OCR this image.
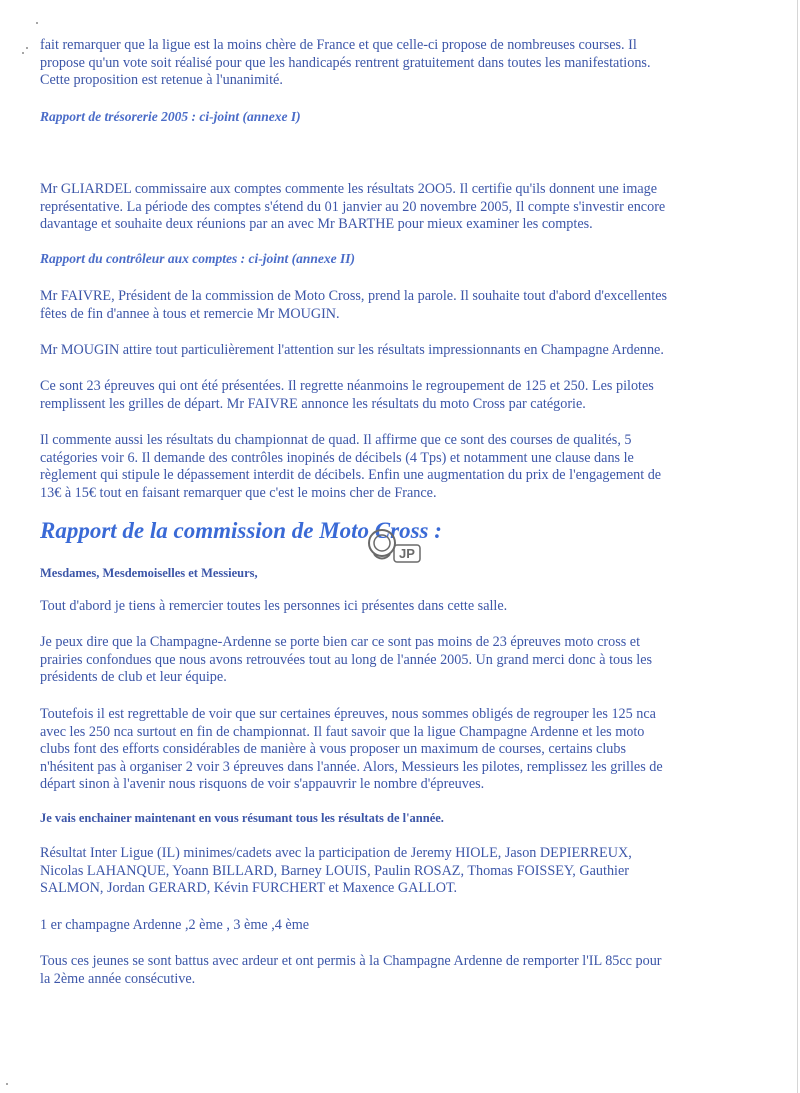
fait remarquer que la ligue est la moins chère de France et que celle-ci propose de nombreuses courses. Il
propose qu'un vote soit réalisé pour que les handicapés rentrent gratuitement dans toutes les manifestations.
Cette proposition est retenue à l'unanimité.
Rapport de trésorerie 2005 : ci-joint (annexe I)
Mr GLIARDEL commissaire aux comptes commente les résultats 2OO5. Il certifie qu'ils donnent une image
représentative. La période des comptes s'étend du 01 janvier au 20 novembre 2005, Il compte s'investir encore
davantage et souhaite deux réunions par an avec Mr BARTHE pour mieux examiner les comptes.
Rapport du contrôleur aux comptes : ci-joint (annexe II)
Mr FAIVRE, Président de la commission de Moto Cross, prend la parole. Il souhaite tout d'abord d'excellentes
fêtes de fin d'annee à tous et remercie Mr MOUGIN.
Mr MOUGIN attire tout particulièrement l'attention sur les résultats impressionnants en Champagne Ardenne.
Ce sont 23 épreuves qui ont été présentées. Il regrette néanmoins le regroupement de 125 et 250. Les pilotes
remplissent les grilles de départ. Mr FAIVRE annonce les résultats du moto Cross par catégorie.
Il commente aussi les résultats du championnat de quad. Il affirme que ce sont des courses de qualités, 5
catégories voir 6. Il demande des contrôles inopinés de décibels (4 Tps) et notamment une clause dans le
règlement qui stipule le dépassement interdit de décibels. Enfin une augmentation du prix de l'engagement de
13€ à 15€ tout en faisant remarquer que c'est le moins cher de France.
Rapport de la commission de Moto Cross :
JP
Mesdames, Mesdemoiselles et Messieurs,
Tout d'abord je tiens à remercier toutes les personnes ici présentes dans cette salle.
Je peux dire que la Champagne-Ardenne se porte bien car ce sont pas moins de 23 épreuves moto cross et
prairies confondues que nous avons retrouvées tout au long de l'année 2005. Un grand merci donc à tous les
présidents de club et leur équipe.
Toutefois il est regrettable de voir que sur certaines épreuves, nous sommes obligés de regrouper les 125 nca
avec les 250 nca surtout en fin de championnat. Il faut savoir que la ligue Champagne Ardenne et les moto
clubs font des efforts considérables de manière à vous proposer un maximum de courses, certains clubs
n'hésitent pas à organiser 2 voir 3 épreuves dans l'année. Alors, Messieurs les pilotes, remplissez les grilles de
départ sinon à l'avenir nous risquons de voir s'appauvrir le nombre d'épreuves.
Je vais enchainer maintenant en vous résumant tous les résultats de l'année.
Résultat Inter Ligue (IL) minimes/cadets avec la participation de Jeremy HIOLE, Jason DEPIERREUX,
Nicolas LAHANQUE, Yoann BILLARD, Barney LOUIS, Paulin ROSAZ, Thomas FOISSEY, Gauthier
SALMON, Jordan GERARD, Kévin FURCHERT et Maxence GALLOT.
1 er champagne Ardenne ,2 ème , 3 ème ,4 ème
Tous ces jeunes se sont battus avec ardeur et ont permis à la Champagne Ardenne de remporter l'IL 85cc pour
la 2ème année consécutive.
